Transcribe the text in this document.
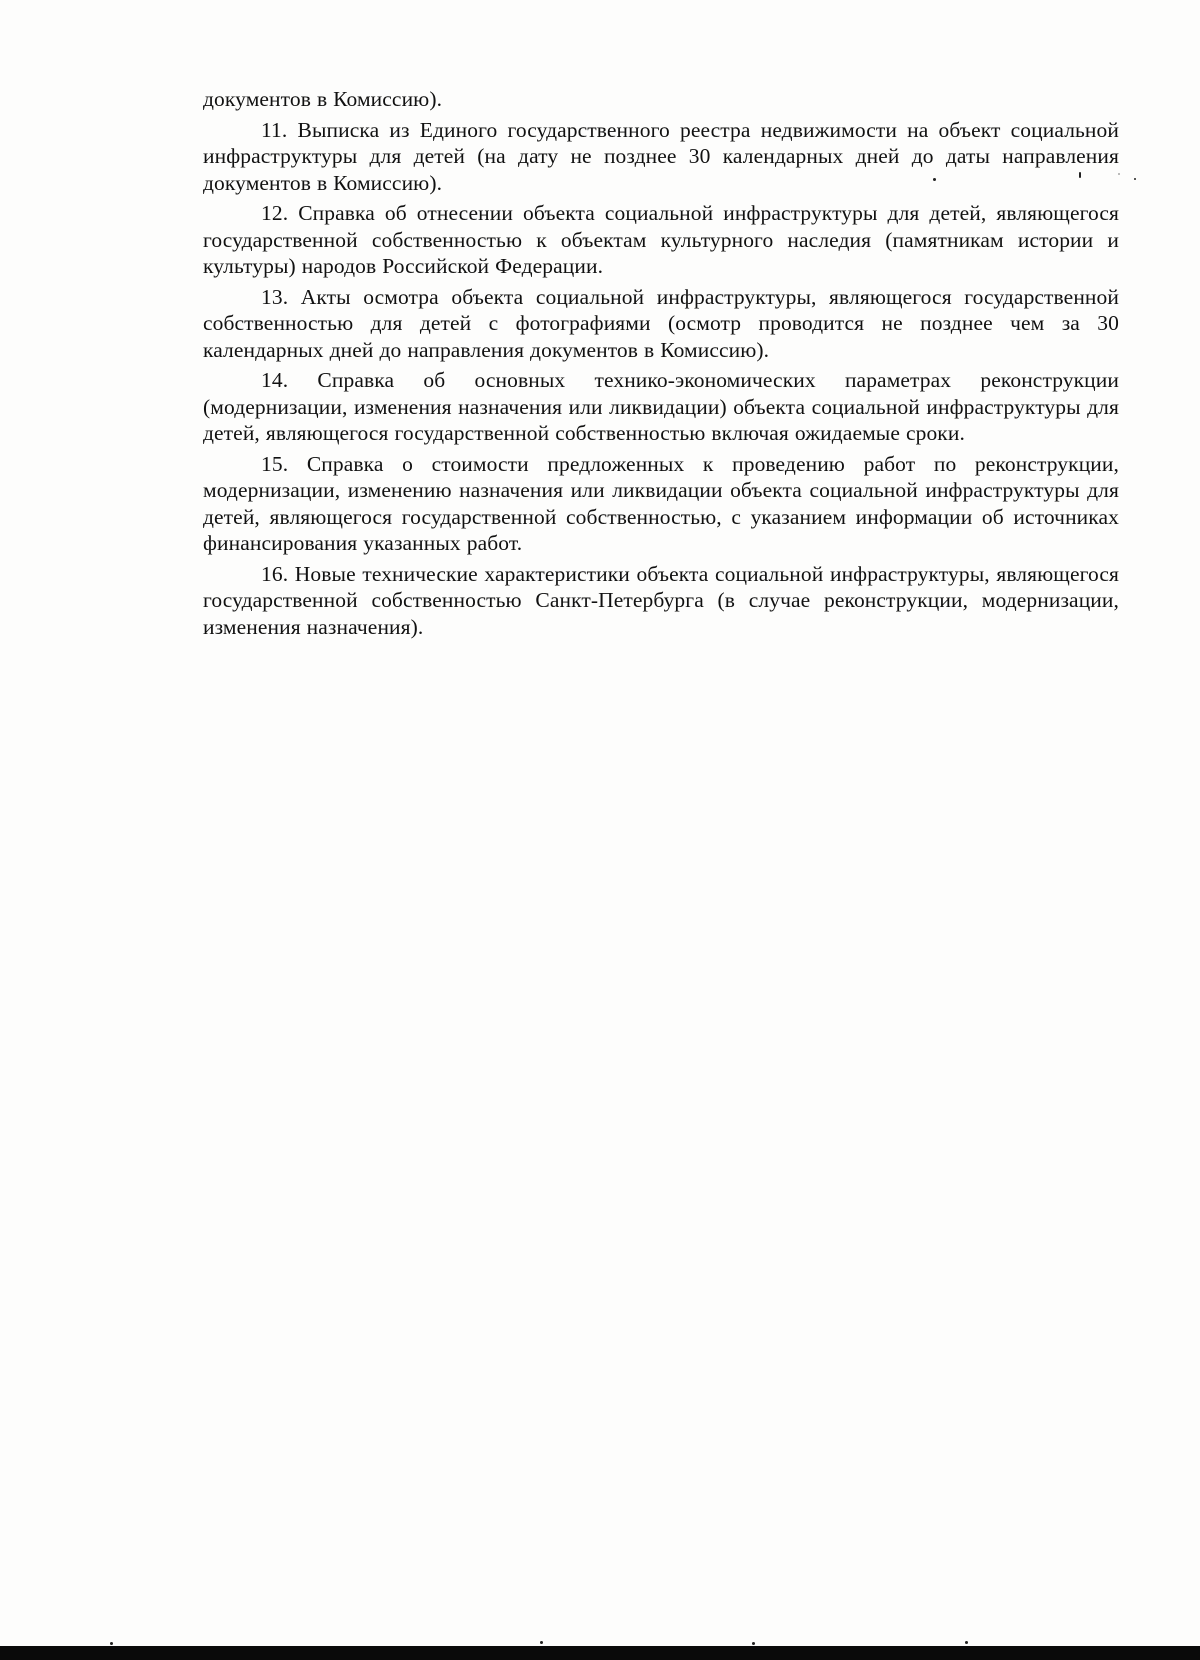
документов в Комиссию).

11. Выписка из Единого государственного реестра недвижимости на объект социальной инфраструктуры для детей (на дату не позднее 30 календарных дней до даты направления документов в Комиссию).

12. Справка об отнесении объекта социальной инфраструктуры для детей, являющегося государственной собственностью к объектам культурного наследия (памятникам истории и культуры) народов Российской Федерации.

13. Акты осмотра объекта социальной инфраструктуры, являющегося государственной собственностью для детей с фотографиями (осмотр проводится не позднее чем за 30 календарных дней до направления документов в Комиссию).

14. Справка об основных технико-экономических параметрах реконструкции (модернизации, изменения назначения или ликвидации) объекта социальной инфраструктуры для детей, являющегося государственной собственностью включая ожидаемые сроки.

15. Справка о стоимости предложенных к проведению работ по реконструкции, модернизации, изменению назначения или ликвидации объекта социальной инфраструктуры для детей, являющегося государственной собственностью, с указанием информации об источниках финансирования указанных работ.

16. Новые технические характеристики объекта социальной инфраструктуры, являющегося государственной собственностью Санкт-Петербурга (в случае реконструкции, модернизации, изменения назначения).
